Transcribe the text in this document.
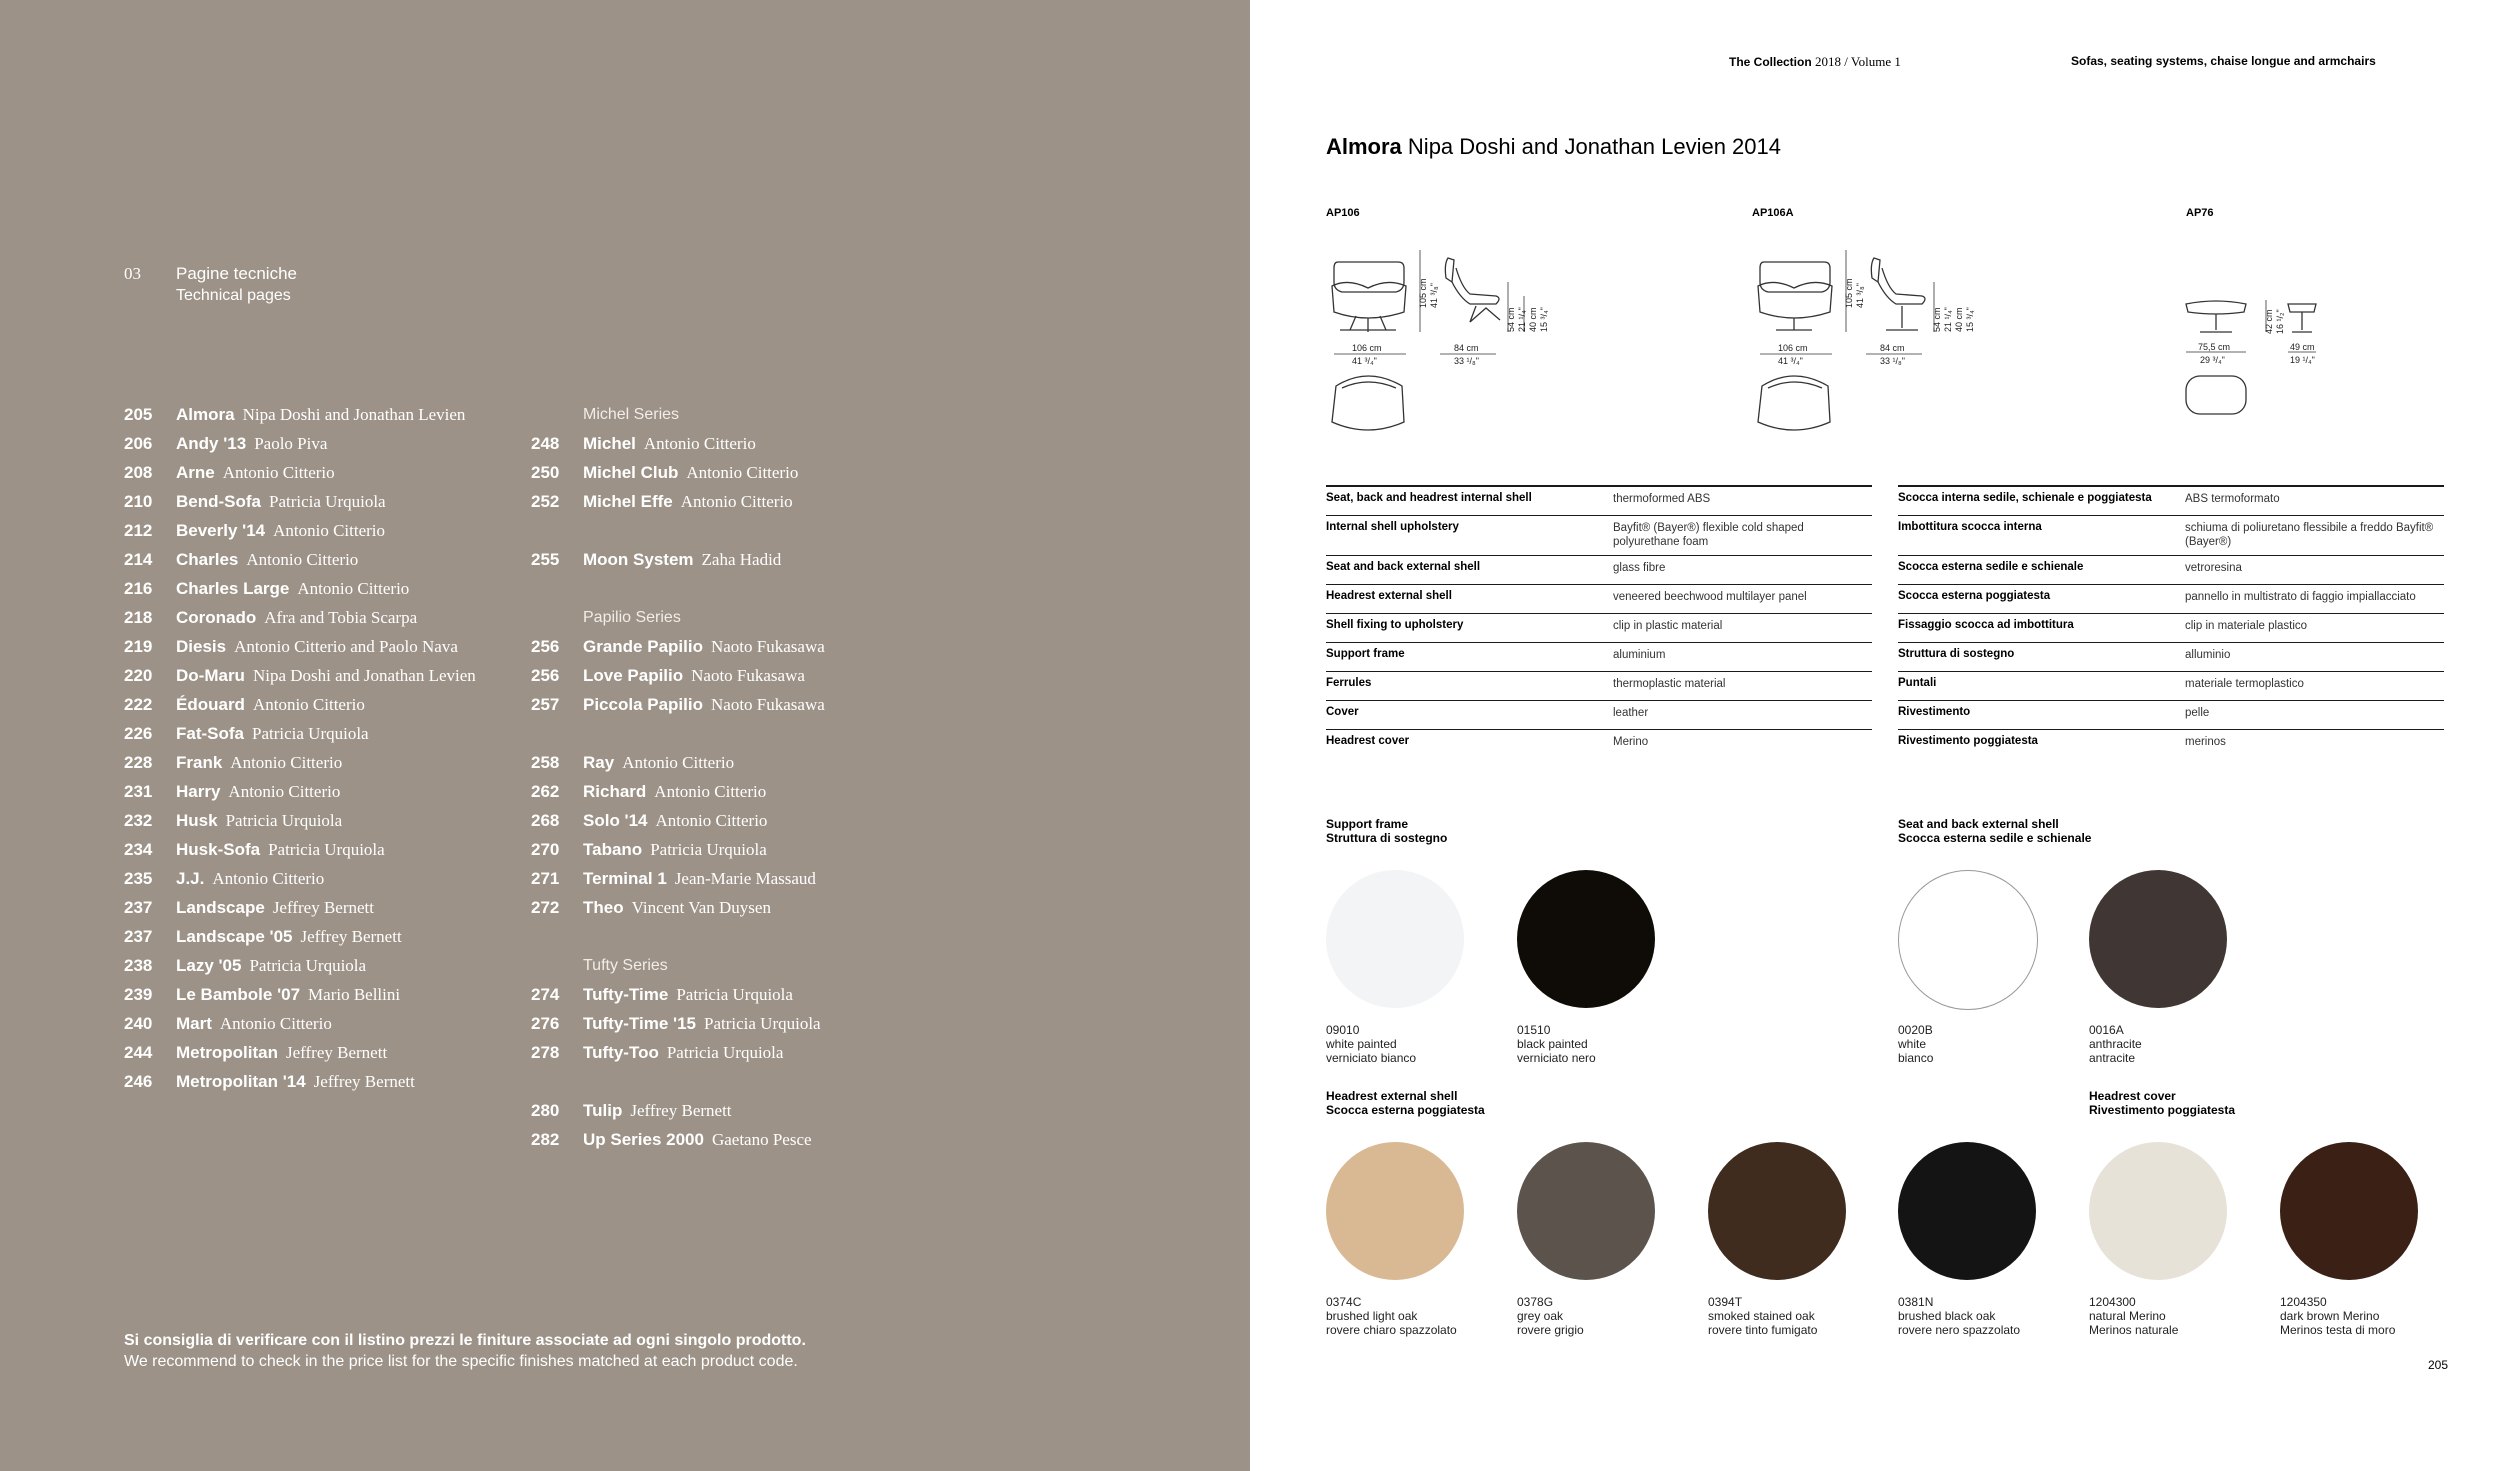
03 Pagine tecniche
Technical pages
205 Almora Nipa Doshi and Jonathan Levien
206 Andy '13 Paolo Piva
208 Arne Antonio Citterio
210 Bend-Sofa Patricia Urquiola
212 Beverly '14 Antonio Citterio
214 Charles Antonio Citterio
216 Charles Large Antonio Citterio
218 Coronado Afra and Tobia Scarpa
219 Diesis Antonio Citterio and Paolo Nava
220 Do-Maru Nipa Doshi and Jonathan Levien
222 Édouard Antonio Citterio
226 Fat-Sofa Patricia Urquiola
228 Frank Antonio Citterio
231 Harry Antonio Citterio
232 Husk Patricia Urquiola
234 Husk-Sofa Patricia Urquiola
235 J.J. Antonio Citterio
237 Landscape Jeffrey Bernett
237 Landscape '05 Jeffrey Bernett
238 Lazy '05 Patricia Urquiola
239 Le Bambole '07 Mario Bellini
240 Mart Antonio Citterio
244 Metropolitan Jeffrey Bernett
246 Metropolitan '14 Jeffrey Bernett
Michel Series
248 Michel Antonio Citterio
250 Michel Club Antonio Citterio
252 Michel Effe Antonio Citterio
255 Moon System Zaha Hadid
Papilio Series
256 Grande Papilio Naoto Fukasawa
256 Love Papilio Naoto Fukasawa
257 Piccola Papilio Naoto Fukasawa
258 Ray Antonio Citterio
262 Richard Antonio Citterio
268 Solo '14 Antonio Citterio
270 Tabano Patricia Urquiola
271 Terminal 1 Jean-Marie Massaud
272 Theo Vincent Van Duysen
Tufty Series
274 Tufty-Time Patricia Urquiola
276 Tufty-Time '15 Patricia Urquiola
278 Tufty-Too Patricia Urquiola
280 Tulip Jeffrey Bernett
282 Up Series 2000 Gaetano Pesce
Si consiglia di verificare con il listino prezzi le finiture associate ad ogni singolo prodotto.
We recommend to check in the price list for the specific finishes matched at each product code.
The Collection 2018 / Volume 1	Sofas, seating systems, chaise longue and armchairs
Almora Nipa Doshi and Jonathan Levien 2014
AP106	AP106A	AP76
106 cm
41 ³/₄"
84 cm
33 ¹/₈"
105 cm 41 ³/₈"
54 cm 21 ¹/₄" 40 cm 15 ³/₄"
106 cm
41 ³/₄"
84 cm
33 ¹/₈"
105 cm 41 ³/₈"
54 cm 21 ¹/₄" 40 cm 15 ³/₄"
75,5 cm
29 ³/₄"
49 cm
19 ¹/₄"
42 cm 16 ¹/₂"
Seat, back and headrest internal shell	thermoformed ABS
Internal shell upholstery	Bayfit® (Bayer®) flexible cold shaped polyurethane foam
Seat and back external shell	glass fibre
Headrest external shell	veneered beechwood multilayer panel
Shell fixing to upholstery	clip in plastic material
Support frame	aluminium
Ferrules	thermoplastic material
Cover	leather
Headrest cover	Merino
Scocca interna sedile, schienale e poggiatesta	ABS termoformato
Imbottitura scocca interna	schiuma di poliuretano flessibile a freddo Bayfit® (Bayer®)
Scocca esterna sedile e schienale	vetroresina
Scocca esterna poggiatesta	pannello in multistrato di faggio impiallacciato
Fissaggio scocca ad imbottitura	clip in materiale plastico
Struttura di sostegno	alluminio
Puntali	materiale termoplastico
Rivestimento	pelle
Rivestimento poggiatesta	merinos
Support frame
Struttura di sostegno
Seat and back external shell
Scocca esterna sedile e schienale
Headrest external shell
Scocca esterna poggiatesta
Headrest cover
Rivestimento poggiatesta
09010
white painted
verniciato bianco
01510
black painted
verniciato nero
0020B
white
bianco
0016A
anthracite
antracite
0374C
brushed light oak
rovere chiaro spazzolato
0378G
grey oak
rovere grigio
0394T
smoked stained oak
rovere tinto fumigato
0381N
brushed black oak
rovere nero spazzolato
1204300
natural Merino
Merinos naturale
1204350
dark brown Merino
Merinos testa di moro
205
